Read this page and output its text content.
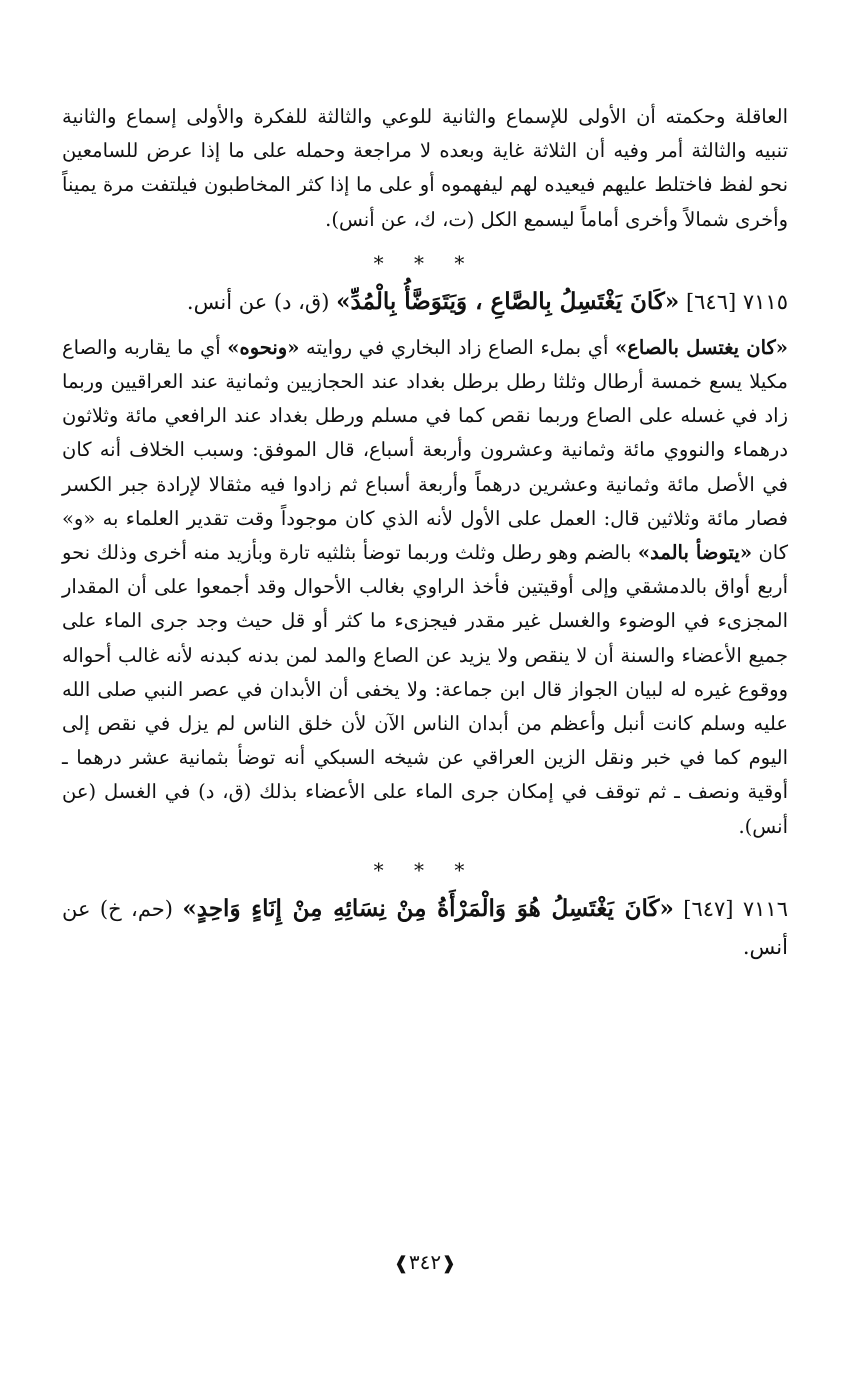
العاقلة وحكمته أن الأولى للإسماع والثانية للوعي والثالثة للفكرة والأولى إسماع والثانية تنبيه والثالثة أمر وفيه أن الثلاثة غاية وبعده لا مراجعة وحمله على ما إذا عرض للسامعين نحو لفظ فاختلط عليهم فيعيده لهم ليفهموه أو على ما إذا كثر المخاطبون فيلتفت مرة يميناً وأخرى شمالاً وأخرى أماماً ليسمع الكل (ت، ك، عن أنس).

* * *

٧١١٥ [٦٤٦] «كَانَ يَغْتَسِلُ بِالصَّاعِ ، وَيَتَوَضَّأُ بِالْمُدِّ» (ق، د) عن أنس.

«كان يغتسل بالصاع» أي بملء الصاع زاد البخاري في روايته «ونحوه» أي ما يقاربه والصاع مكيلا يسع خمسة أرطال وثلثا رطل برطل بغداد عند الحجازيين وثمانية عند العراقيين وربما زاد في غسله على الصاع وربما نقص كما في مسلم ورطل بغداد عند الرافعي مائة وثلاثون درهماء والنووي مائة وثمانية وعشرون وأربعة أسباع، قال الموفق: وسبب الخلاف أنه كان في الأصل مائة وثمانية وعشرين درهماً وأربعة أسباع ثم زادوا فيه مثقالا لإرادة جبر الكسر فصار مائة وثلاثين قال: العمل على الأول لأنه الذي كان موجوداً وقت تقدير العلماء به «و» كان «يتوضأ بالمد» بالضم وهو رطل وثلث وربما توضأ بثلثيه تارة وبأزيد منه أخرى وذلك نحو أربع أواق بالدمشقي وإلى أوقيتين فأخذ الراوي بغالب الأحوال وقد أجمعوا على أن المقدار المجزىء في الوضوء والغسل غير مقدر فيجزىء ما كثر أو قل حيث وجد جرى الماء على جميع الأعضاء والسنة أن لا ينقص ولا يزيد عن الصاع والمد لمن بدنه كبدنه لأنه غالب أحواله ووقوع غيره له لبيان الجواز قال ابن جماعة: ولا يخفى أن الأبدان في عصر النبي صلى الله عليه وسلم كانت أنبل وأعظم من أبدان الناس الآن لأن خلق الناس لم يزل في نقص إلى اليوم كما في خبر ونقل الزين العراقي عن شيخه السبكي أنه توضأ بثمانية عشر درهما ـ أوقية ونصف ـ ثم توقف في إمكان جرى الماء على الأعضاء بذلك (ق، د) في الغسل (عن أنس).

* * *

٧١١٦ [٦٤٧] «كَانَ يَغْتَسِلُ هُوَ وَالْمَرْأَةُ مِنْ نِسَائِهِ مِنْ إِنَاءٍ وَاحِدٍ» (حم، خ) عن أنس.

❰٣٤٢❱
